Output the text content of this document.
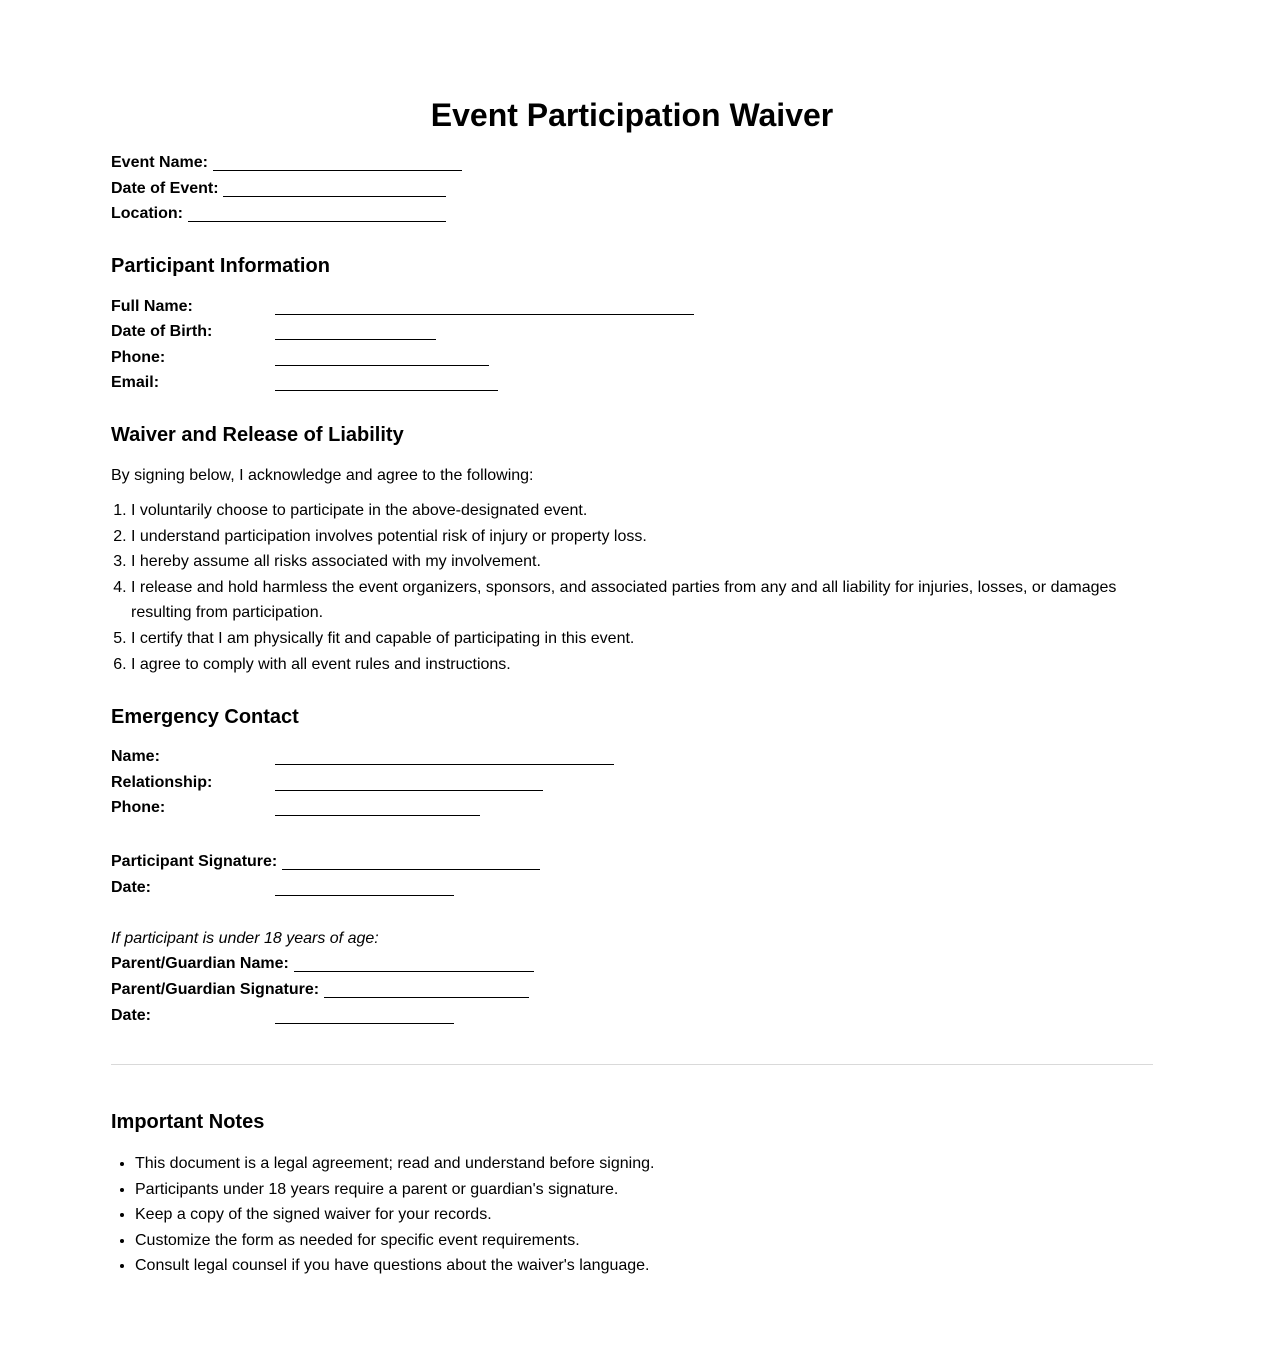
Event Participation Waiver
Event Name:
Date of Event:
Location:
Participant Information
Full Name:
Date of Birth:
Phone:
Email:
Waiver and Release of Liability
By signing below, I acknowledge and agree to the following:
1. I voluntarily choose to participate in the above-designated event.
2. I understand participation involves potential risk of injury or property loss.
3. I hereby assume all risks associated with my involvement.
4. I release and hold harmless the event organizers, sponsors, and associated parties from any and all liability for injuries, losses, or damages resulting from participation.
5. I certify that I am physically fit and capable of participating in this event.
6. I agree to comply with all event rules and instructions.
Emergency Contact
Name:
Relationship:
Phone:
Participant Signature:
Date:
If participant is under 18 years of age:
Parent/Guardian Name:
Parent/Guardian Signature:
Date:
Important Notes
• This document is a legal agreement; read and understand before signing.
• Participants under 18 years require a parent or guardian's signature.
• Keep a copy of the signed waiver for your records.
• Customize the form as needed for specific event requirements.
• Consult legal counsel if you have questions about the waiver's language.
